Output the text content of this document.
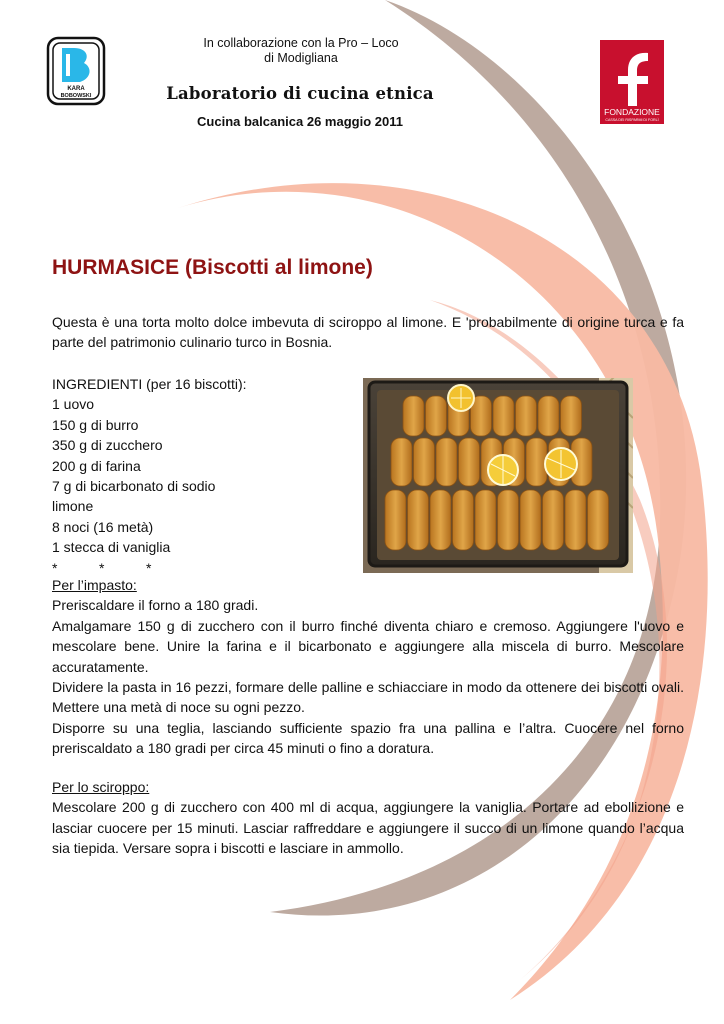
KARA
BOBOWSKI
FONDAZIONE
CASSA DEI RISPARMI DI FORLÌ
In collaborazione con la Pro – Loco
di Modigliana
Laboratorio di cucina etnica
Cucina balcanica 26 maggio 2011
HURMASICE (Biscotti al limone)
Questa è una torta molto dolce imbevuta di sciroppo al limone. E 'probabilmente di origine turca e fa parte del patrimonio culinario turco in Bosnia.
INGREDIENTI (per 16 biscotti):
1 uovo
150 g di burro
350 g di zucchero
200 g di farina
7 g di bicarbonato di sodio
limone
8 noci (16 metà)
1 stecca di vaniglia
*	*	*
Per l’impasto:
Preriscaldare il forno a 180 gradi.
Amalgamare 150 g di zucchero con il burro finché diventa chiaro e cremoso. Aggiungere l'uovo e mescolare bene. Unire la farina e il bicarbonato e aggiungere alla miscela di burro. Mescolare accuratamente.
Dividere la pasta in 16 pezzi, formare delle palline e schiacciare in modo da ottenere dei biscotti ovali. Mettere una metà di noce su ogni pezzo.
Disporre su una teglia, lasciando sufficiente spazio fra una pallina e l’altra. Cuocere nel forno preriscaldato a 180 gradi per circa 45 minuti o fino a doratura.
Per lo sciroppo:
Mescolare 200 g di zucchero con 400 ml di acqua, aggiungere la vaniglia. Portare ad ebollizione e lasciar cuocere per 15 minuti. Lasciar raffreddare e aggiungere il succo di un limone quando l’acqua sia tiepida. Versare sopra i biscotti e lasciare in ammollo.
